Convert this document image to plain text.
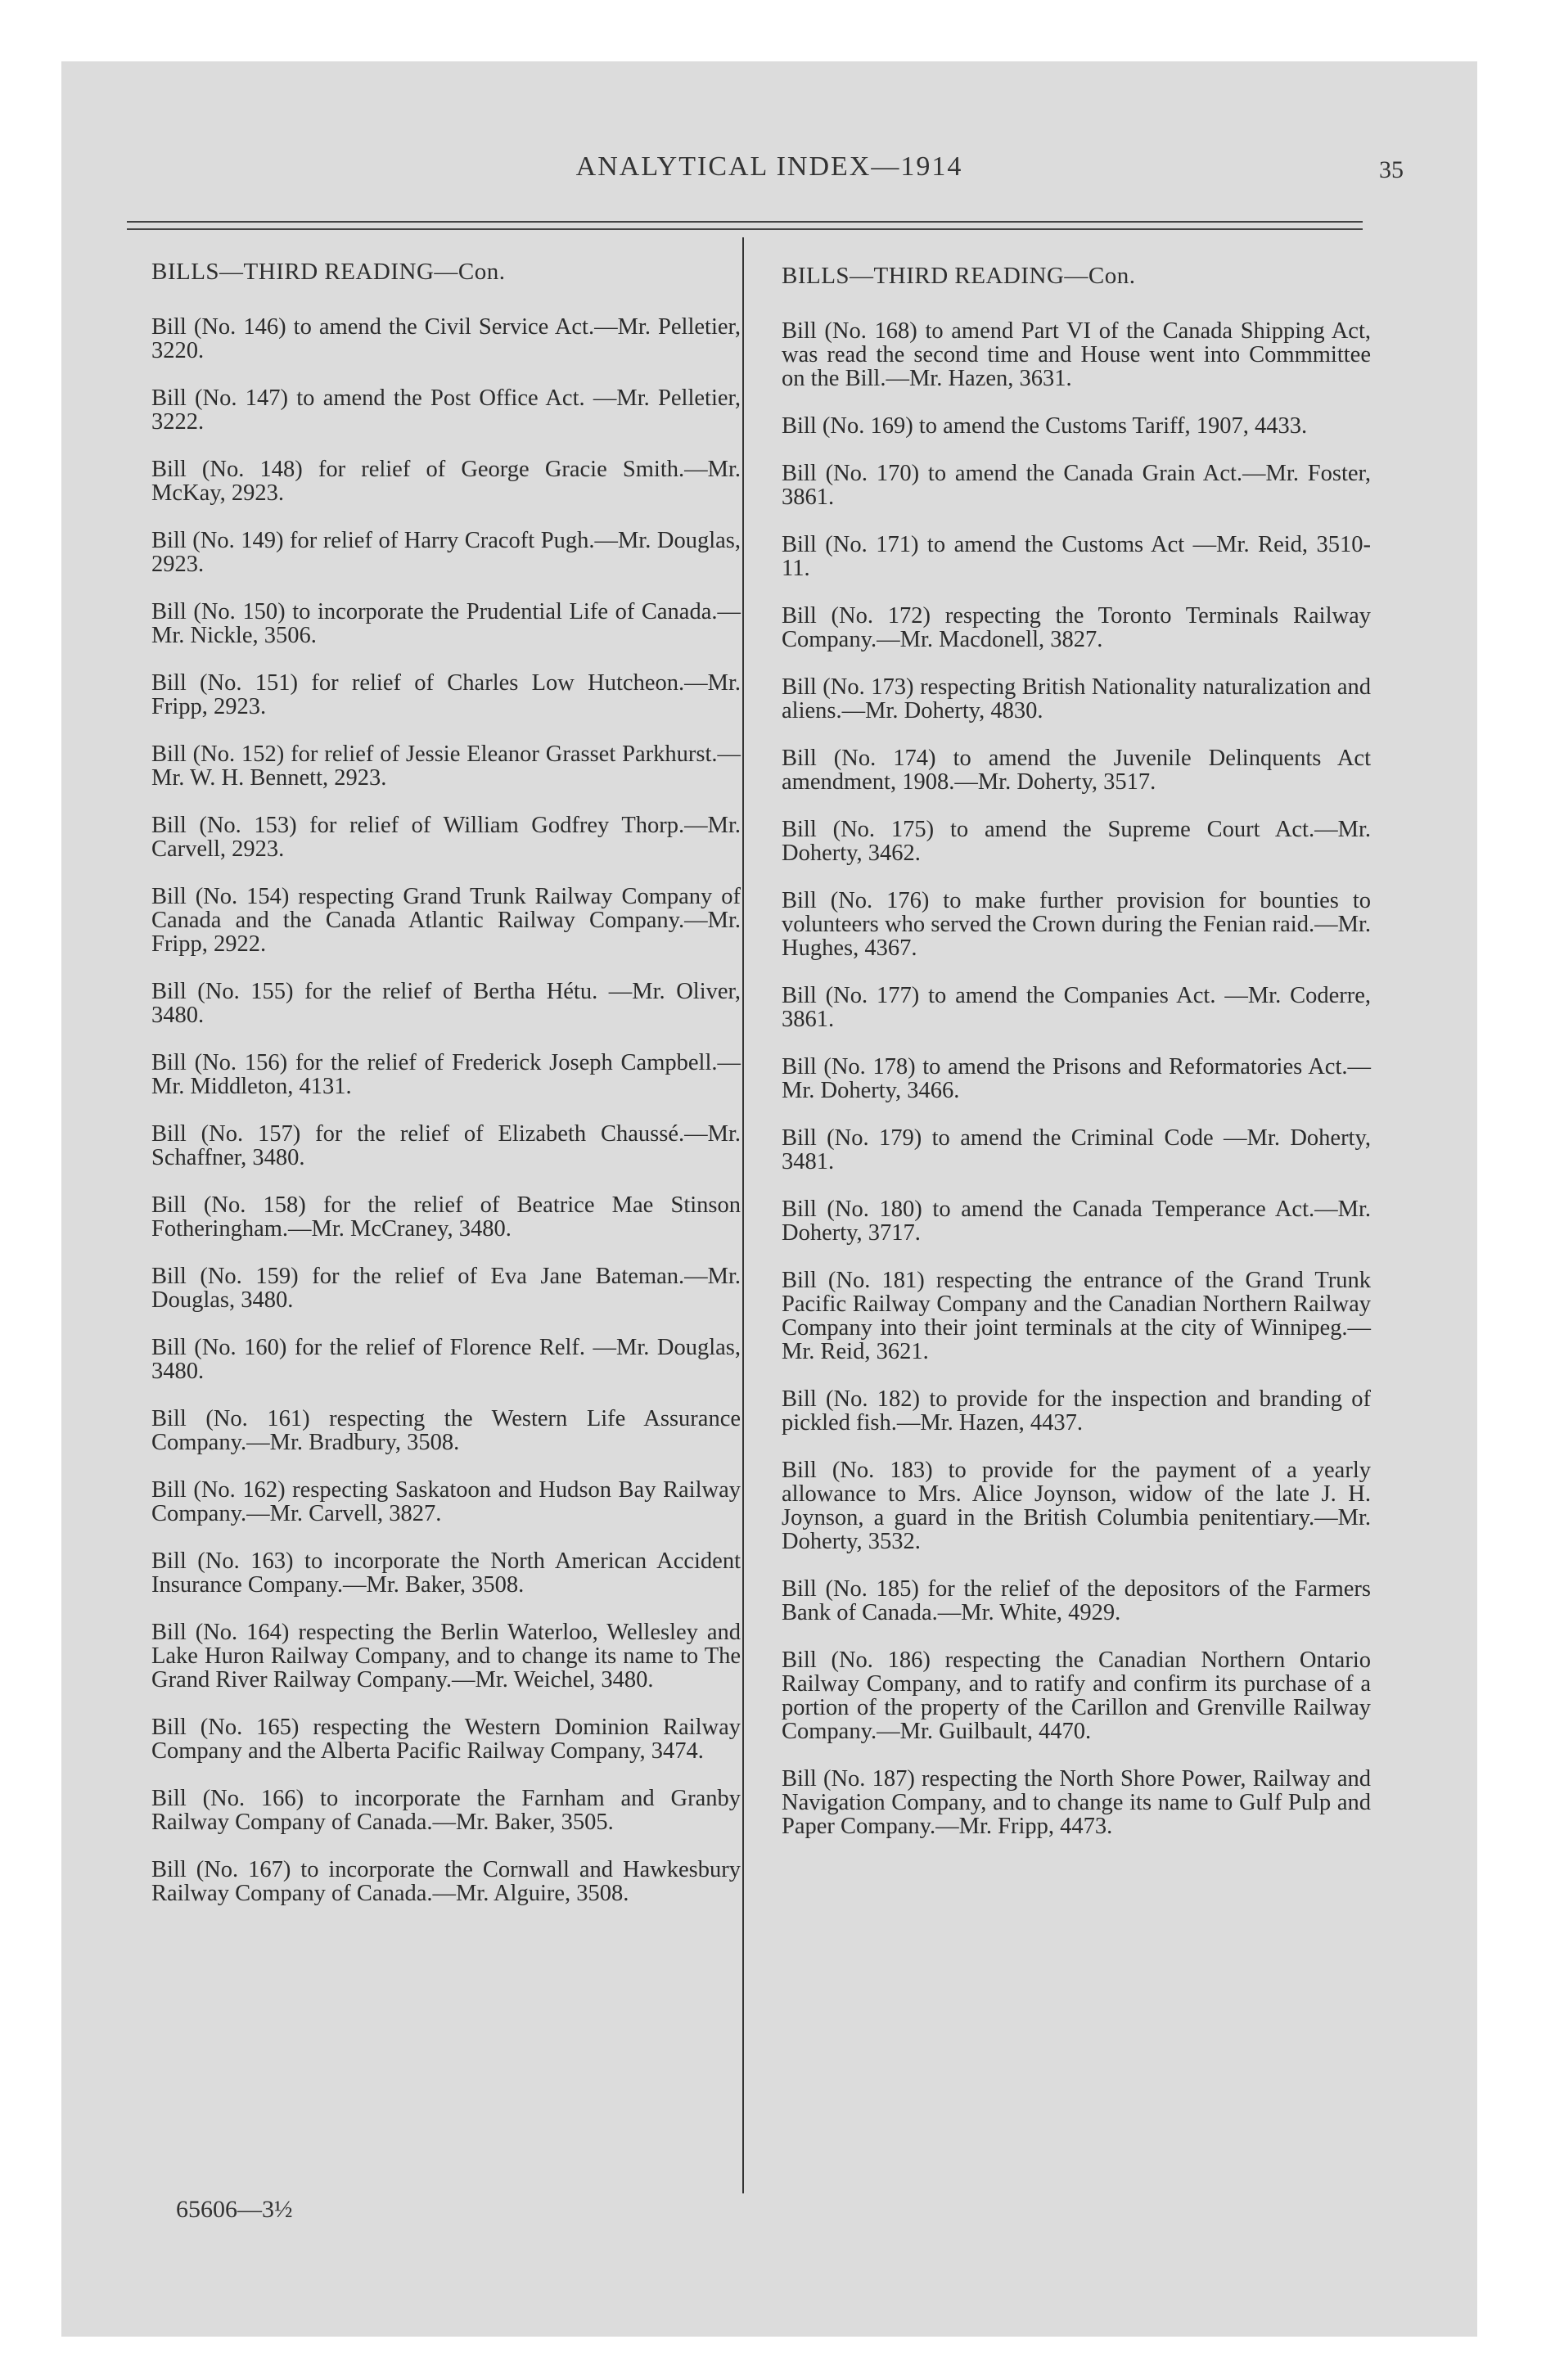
ANALYTICAL INDEX—1914	35
BILLS—THIRD READING—Con.

Bill (No. 146) to amend the Civil Service Act.—Mr. Pelletier, 3220.

Bill (No. 147) to amend the Post Office Act. —Mr. Pelletier, 3222.

Bill (No. 148) for relief of George Gracie Smith.—Mr. McKay, 2923.

Bill (No. 149) for relief of Harry Cracoft Pugh.—Mr. Douglas, 2923.

Bill (No. 150) to incorporate the Prudential Life of Canada.—Mr. Nickle, 3506.

Bill (No. 151) for relief of Charles Low Hutcheon.—Mr. Fripp, 2923.

Bill (No. 152) for relief of Jessie Eleanor Grasset Parkhurst.—Mr. W. H. Bennett, 2923.

Bill (No. 153) for relief of William Godfrey Thorp.—Mr. Carvell, 2923.

Bill (No. 154) respecting Grand Trunk Railway Company of Canada and the Canada Atlantic Railway Company.—Mr. Fripp, 2922.

Bill (No. 155) for the relief of Bertha Hétu. —Mr. Oliver, 3480.

Bill (No. 156) for the relief of Frederick Joseph Campbell.—Mr. Middleton, 4131.

Bill (No. 157) for the relief of Elizabeth Chaussé.—Mr. Schaffner, 3480.

Bill (No. 158) for the relief of Beatrice Mae Stinson Fotheringham.—Mr. McCraney, 3480.

Bill (No. 159) for the relief of Eva Jane Bateman.—Mr. Douglas, 3480.

Bill (No. 160) for the relief of Florence Relf. —Mr. Douglas, 3480.

Bill (No. 161) respecting the Western Life Assurance Company.—Mr. Bradbury, 3508.

Bill (No. 162) respecting Saskatoon and Hudson Bay Railway Company.—Mr. Carvell, 3827.

Bill (No. 163) to incorporate the North American Accident Insurance Company.—Mr. Baker, 3508.

Bill (No. 164) respecting the Berlin Waterloo, Wellesley and Lake Huron Railway Company, and to change its name to The Grand River Railway Company.—Mr. Weichel, 3480.

Bill (No. 165) respecting the Western Dominion Railway Company and the Alberta Pacific Railway Company, 3474.

Bill (No. 166) to incorporate the Farnham and Granby Railway Company of Canada.—Mr. Baker, 3505.

Bill (No. 167) to incorporate the Cornwall and Hawkesbury Railway Company of Canada.—Mr. Alguire, 3508.

BILLS—THIRD READING—Con.

Bill (No. 168) to amend Part VI of the Canada Shipping Act, was read the second time and House went into Commmittee on the Bill.—Mr. Hazen, 3631.

Bill (No. 169) to amend the Customs Tariff, 1907, 4433.

Bill (No. 170) to amend the Canada Grain Act.—Mr. Foster, 3861.

Bill (No. 171) to amend the Customs Act —Mr. Reid, 3510-11.

Bill (No. 172) respecting the Toronto Terminals Railway Company.—Mr. Macdonell, 3827.

Bill (No. 173) respecting British Nationality naturalization and aliens.—Mr. Doherty, 4830.

Bill (No. 174) to amend the Juvenile Delinquents Act amendment, 1908.—Mr. Doherty, 3517.

Bill (No. 175) to amend the Supreme Court Act.—Mr. Doherty, 3462.

Bill (No. 176) to make further provision for bounties to volunteers who served the Crown during the Fenian raid.—Mr. Hughes, 4367.

Bill (No. 177) to amend the Companies Act. —Mr. Coderre, 3861.

Bill (No. 178) to amend the Prisons and Reformatories Act.—Mr. Doherty, 3466.

Bill (No. 179) to amend the Criminal Code —Mr. Doherty, 3481.

Bill (No. 180) to amend the Canada Temperance Act.—Mr. Doherty, 3717.

Bill (No. 181) respecting the entrance of the Grand Trunk Pacific Railway Company and the Canadian Northern Railway Company into their joint terminals at the city of Winnipeg.—Mr. Reid, 3621.

Bill (No. 182) to provide for the inspection and branding of pickled fish.—Mr. Hazen, 4437.

Bill (No. 183) to provide for the payment of a yearly allowance to Mrs. Alice Joynson, widow of the late J. H. Joynson, a guard in the British Columbia penitentiary.—Mr. Doherty, 3532.

Bill (No. 185) for the relief of the depositors of the Farmers Bank of Canada.—Mr. White, 4929.

Bill (No. 186) respecting the Canadian Northern Ontario Railway Company, and to ratify and confirm its purchase of a portion of the property of the Carillon and Grenville Railway Company.—Mr. Guilbault, 4470.

Bill (No. 187) respecting the North Shore Power, Railway and Navigation Company, and to change its name to Gulf Pulp and Paper Company.—Mr. Fripp, 4473.

65606—3½
